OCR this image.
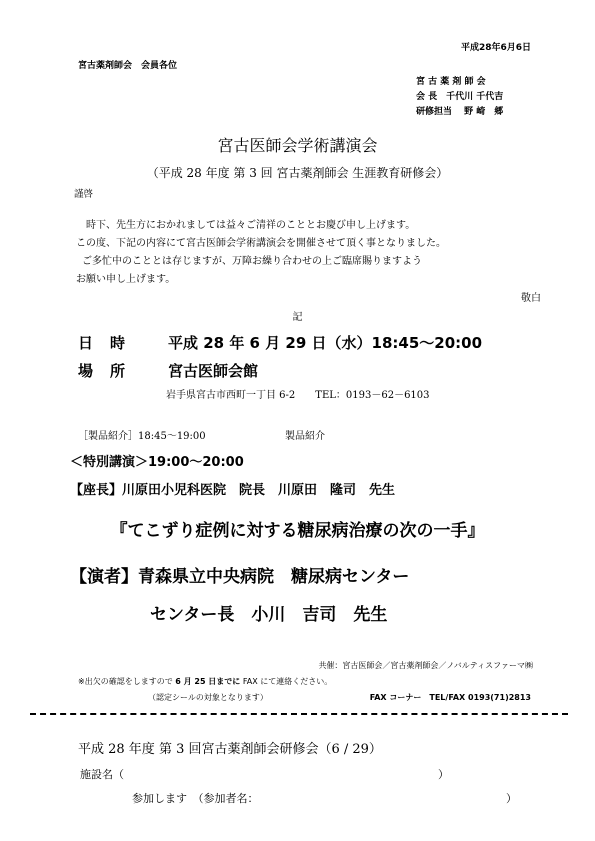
平成28年6月6日
宮古薬剤師会　会員各位
宮 古 薬 剤 師 会
会 長　千代川 千代吉
研修担当　 野 崎　郷
宮古医師会学術講演会
（平成 28 年度 第 3 回 宮古薬剤師会 生涯教育研修会）
謹啓
時下、先生方におかれましては益々ご清祥のこととお慶び申し上げます。
この度、下記の内容にて宮古医師会学術講演会を開催させて頂く事となりました。
ご多忙中のこととは存じますが、万障お繰り合わせの上ご臨席賜りますよう
お願い申し上げます。
敬白
記
日　時	平成 28 年 6 月 29 日（水）18:45～20:00
場　所	宮古医師会館
岩手県宮古市西町一丁目 6-2　　TEL：0193－62－6103
［製品紹介］18:45～19:00	製品紹介
＜特別講演＞19:00～20:00
【座長】川原田小児科医院　院長　川原田　隆司　先生
『てこずり症例に対する糖尿病治療の次の一手』
【演者】青森県立中央病院　糖尿病センター
センター長　小川　吉司　先生
共催：宮古医師会／宮古薬剤師会／ノバルティスファーマ㈱
※出欠の確認をしますので 6 月 25 日までに FAX にて連絡ください。
（認定シールの対象となります）	FAX コーナー　TEL/FAX 0193(71)2813
平成 28 年度 第 3 回宮古薬剤師会研修会（6 / 29）
施設名（	）
参加します　（参加者名：	）
